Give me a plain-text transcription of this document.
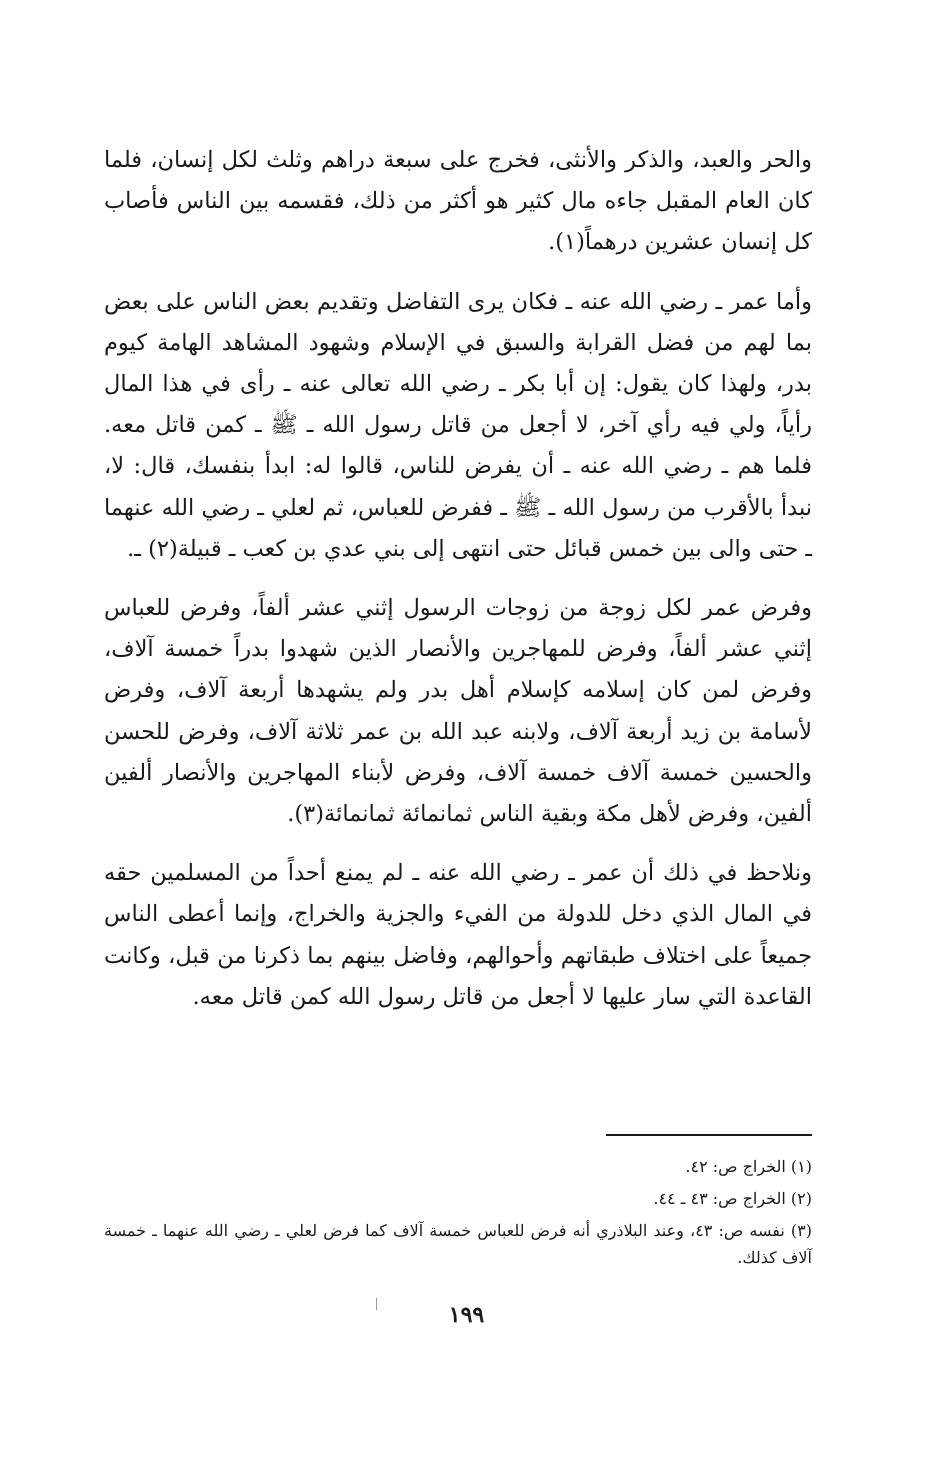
والحر والعبد، والذكر والأنثى، فخرج على سبعة دراهم وثلث لكل إنسان، فلما كان العام المقبل جاءه مال كثير هو أكثر من ذلك، فقسمه بين الناس فأصاب كل إنسان عشرين درهماً(١).

وأما عمر ـ رضي الله عنه ـ فكان يرى التفاضل وتقديم بعض الناس على بعض بما لهم من فضل القرابة والسبق في الإسلام وشهود المشاهد الهامة كيوم بدر، ولهذا كان يقول: إن أبا بكر ـ رضي الله تعالى عنه ـ رأى في هذا المال رأياً، ولي فيه رأي آخر، لا أجعل من قاتل رسول الله ـ ﷺ ـ كمن قاتل معه. فلما هم ـ رضي الله عنه ـ أن يفرض للناس، قالوا له: ابدأ بنفسك، قال: لا، نبدأ بالأقرب من رسول الله ـ ﷺ ـ ففرض للعباس، ثم لعلي ـ رضي الله عنهما ـ حتى والى بين خمس قبائل حتى انتهى إلى بني عدي بن كعب ـ قبيلة(٢) ـ.

وفرض عمر لكل زوجة من زوجات الرسول إثني عشر ألفاً، وفرض للعباس إثني عشر ألفاً، وفرض للمهاجرين والأنصار الذين شهدوا بدراً خمسة آلاف، وفرض لمن كان إسلامه كإسلام أهل بدر ولم يشهدها أربعة آلاف، وفرض لأسامة بن زيد أربعة آلاف، ولابنه عبد الله بن عمر ثلاثة آلاف، وفرض للحسن والحسين خمسة آلاف خمسة آلاف، وفرض لأبناء المهاجرين والأنصار ألفين ألفين، وفرض لأهل مكة وبقية الناس ثمانمائة ثمانمائة(٣).

ونلاحظ في ذلك أن عمر ـ رضي الله عنه ـ لم يمنع أحداً من المسلمين حقه في المال الذي دخل للدولة من الفيء والجزية والخراج، وإنما أعطى الناس جميعاً على اختلاف طبقاتهم وأحوالهم، وفاضل بينهم بما ذكرنا من قبل، وكانت القاعدة التي سار عليها لا أجعل من قاتل رسول الله كمن قاتل معه.

(١) الخراج ص: ٤٢.

(٢) الخراج ص: ٤٣ ـ ٤٤.

(٣) نفسه ص: ٤٣، وعند البلاذري أنه فرض للعباس خمسة آلاف كما فرض لعلي ـ رضي الله عنهما ـ خمسة آلاف كذلك.

١٩٩
